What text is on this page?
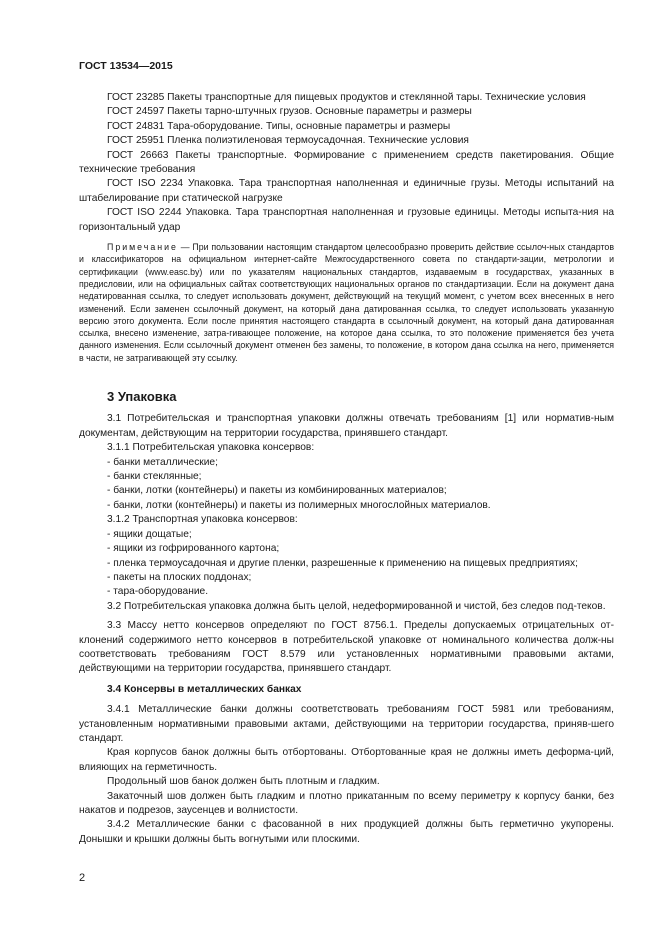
ГОСТ 13534—2015

ГОСТ 23285 Пакеты транспортные для пищевых продуктов и стеклянной тары. Технические условия

ГОСТ 24597 Пакеты тарно-штучных грузов. Основные параметры и размеры

ГОСТ 24831 Тара-оборудование. Типы, основные параметры и размеры

ГОСТ 25951 Пленка полиэтиленовая термоусадочная. Технические условия

ГОСТ 26663 Пакеты транспортные. Формирование с применением средств пакетирования. Общие технические требования

ГОСТ ISO 2234 Упаковка. Тара транспортная наполненная и единичные грузы. Методы испытаний на штабелирование при статической нагрузке

ГОСТ ISO 2244 Упаковка. Тара транспортная наполненная и грузовые единицы. Методы испыта-ния на горизонтальный удар

Примечание — При пользовании настоящим стандартом целесообразно проверить действие ссылоч-ных стандартов и классификаторов на официальном интернет-сайте Межгосударственного совета по стандарти-зации, метрологии и сертификации (www.easc.by) или по указателям национальных стандартов, издаваемым в государствах, указанных в предисловии, или на официальных сайтах соответствующих национальных органов по стандартизации. Если на документ дана недатированная ссылка, то следует использовать документ, действующий на текущий момент, с учетом всех внесенных в него изменений. Если заменен ссылочный документ, на который дана датированная ссылка, то следует использовать указанную версию этого документа. Если после принятия настоящего стандарта в ссылочный документ, на который дана датированная ссылка, внесено изменение, затра-гивающее положение, на которое дана ссылка, то это положение применяется без учета данного изменения. Если ссылочный документ отменен без замены, то положение, в котором дана ссылка на него, применяется в части, не затрагивающей эту ссылку.

3 Упаковка

3.1 Потребительская и транспортная упаковки должны отвечать требованиям [1] или норматив-ным документам, действующим на территории государства, принявшего стандарт.

3.1.1 Потребительская упаковка консервов:

- банки металлические;

- банки стеклянные;

- банки, лотки (контейнеры) и пакеты из комбинированных материалов;

- банки, лотки (контейнеры) и пакеты из полимерных многослойных материалов.

3.1.2 Транспортная упаковка консервов:

- ящики дощатые;

- ящики из гофрированного картона;

- пленка термоусадочная и другие пленки, разрешенные к применению на пищевых предприятиях;

- пакеты на плоских поддонах;

- тара-оборудование.

3.2 Потребительская упаковка должна быть целой, недеформированной и чистой, без следов под-теков.

3.3 Массу нетто консервов определяют по ГОСТ 8756.1. Пределы допускаемых отрицательных от-клонений содержимого нетто консервов в потребительской упаковке от номинального количества долж-ны соответствовать требованиям ГОСТ 8.579 или установленных нормативными правовыми актами, действующими на территории государства, принявшего стандарт.

3.4 Консервы в металлических банках

3.4.1 Металлические банки должны соответствовать требованиям ГОСТ 5981 или требованиям, установленным нормативными правовыми актами, действующими на территории государства, приняв-шего стандарт.

Края корпусов банок должны быть отбортованы. Отбортованные края не должны иметь деформа-ций, влияющих на герметичность.

Продольный шов банок должен быть плотным и гладким.

Закаточный шов должен быть гладким и плотно прикатанным по всему периметру к корпусу банки, без накатов и подрезов, заусенцев и волнистости.

3.4.2 Металлические банки с фасованной в них продукцией должны быть герметично укупорены. Донышки и крышки должны быть вогнутыми или плоскими.

2
